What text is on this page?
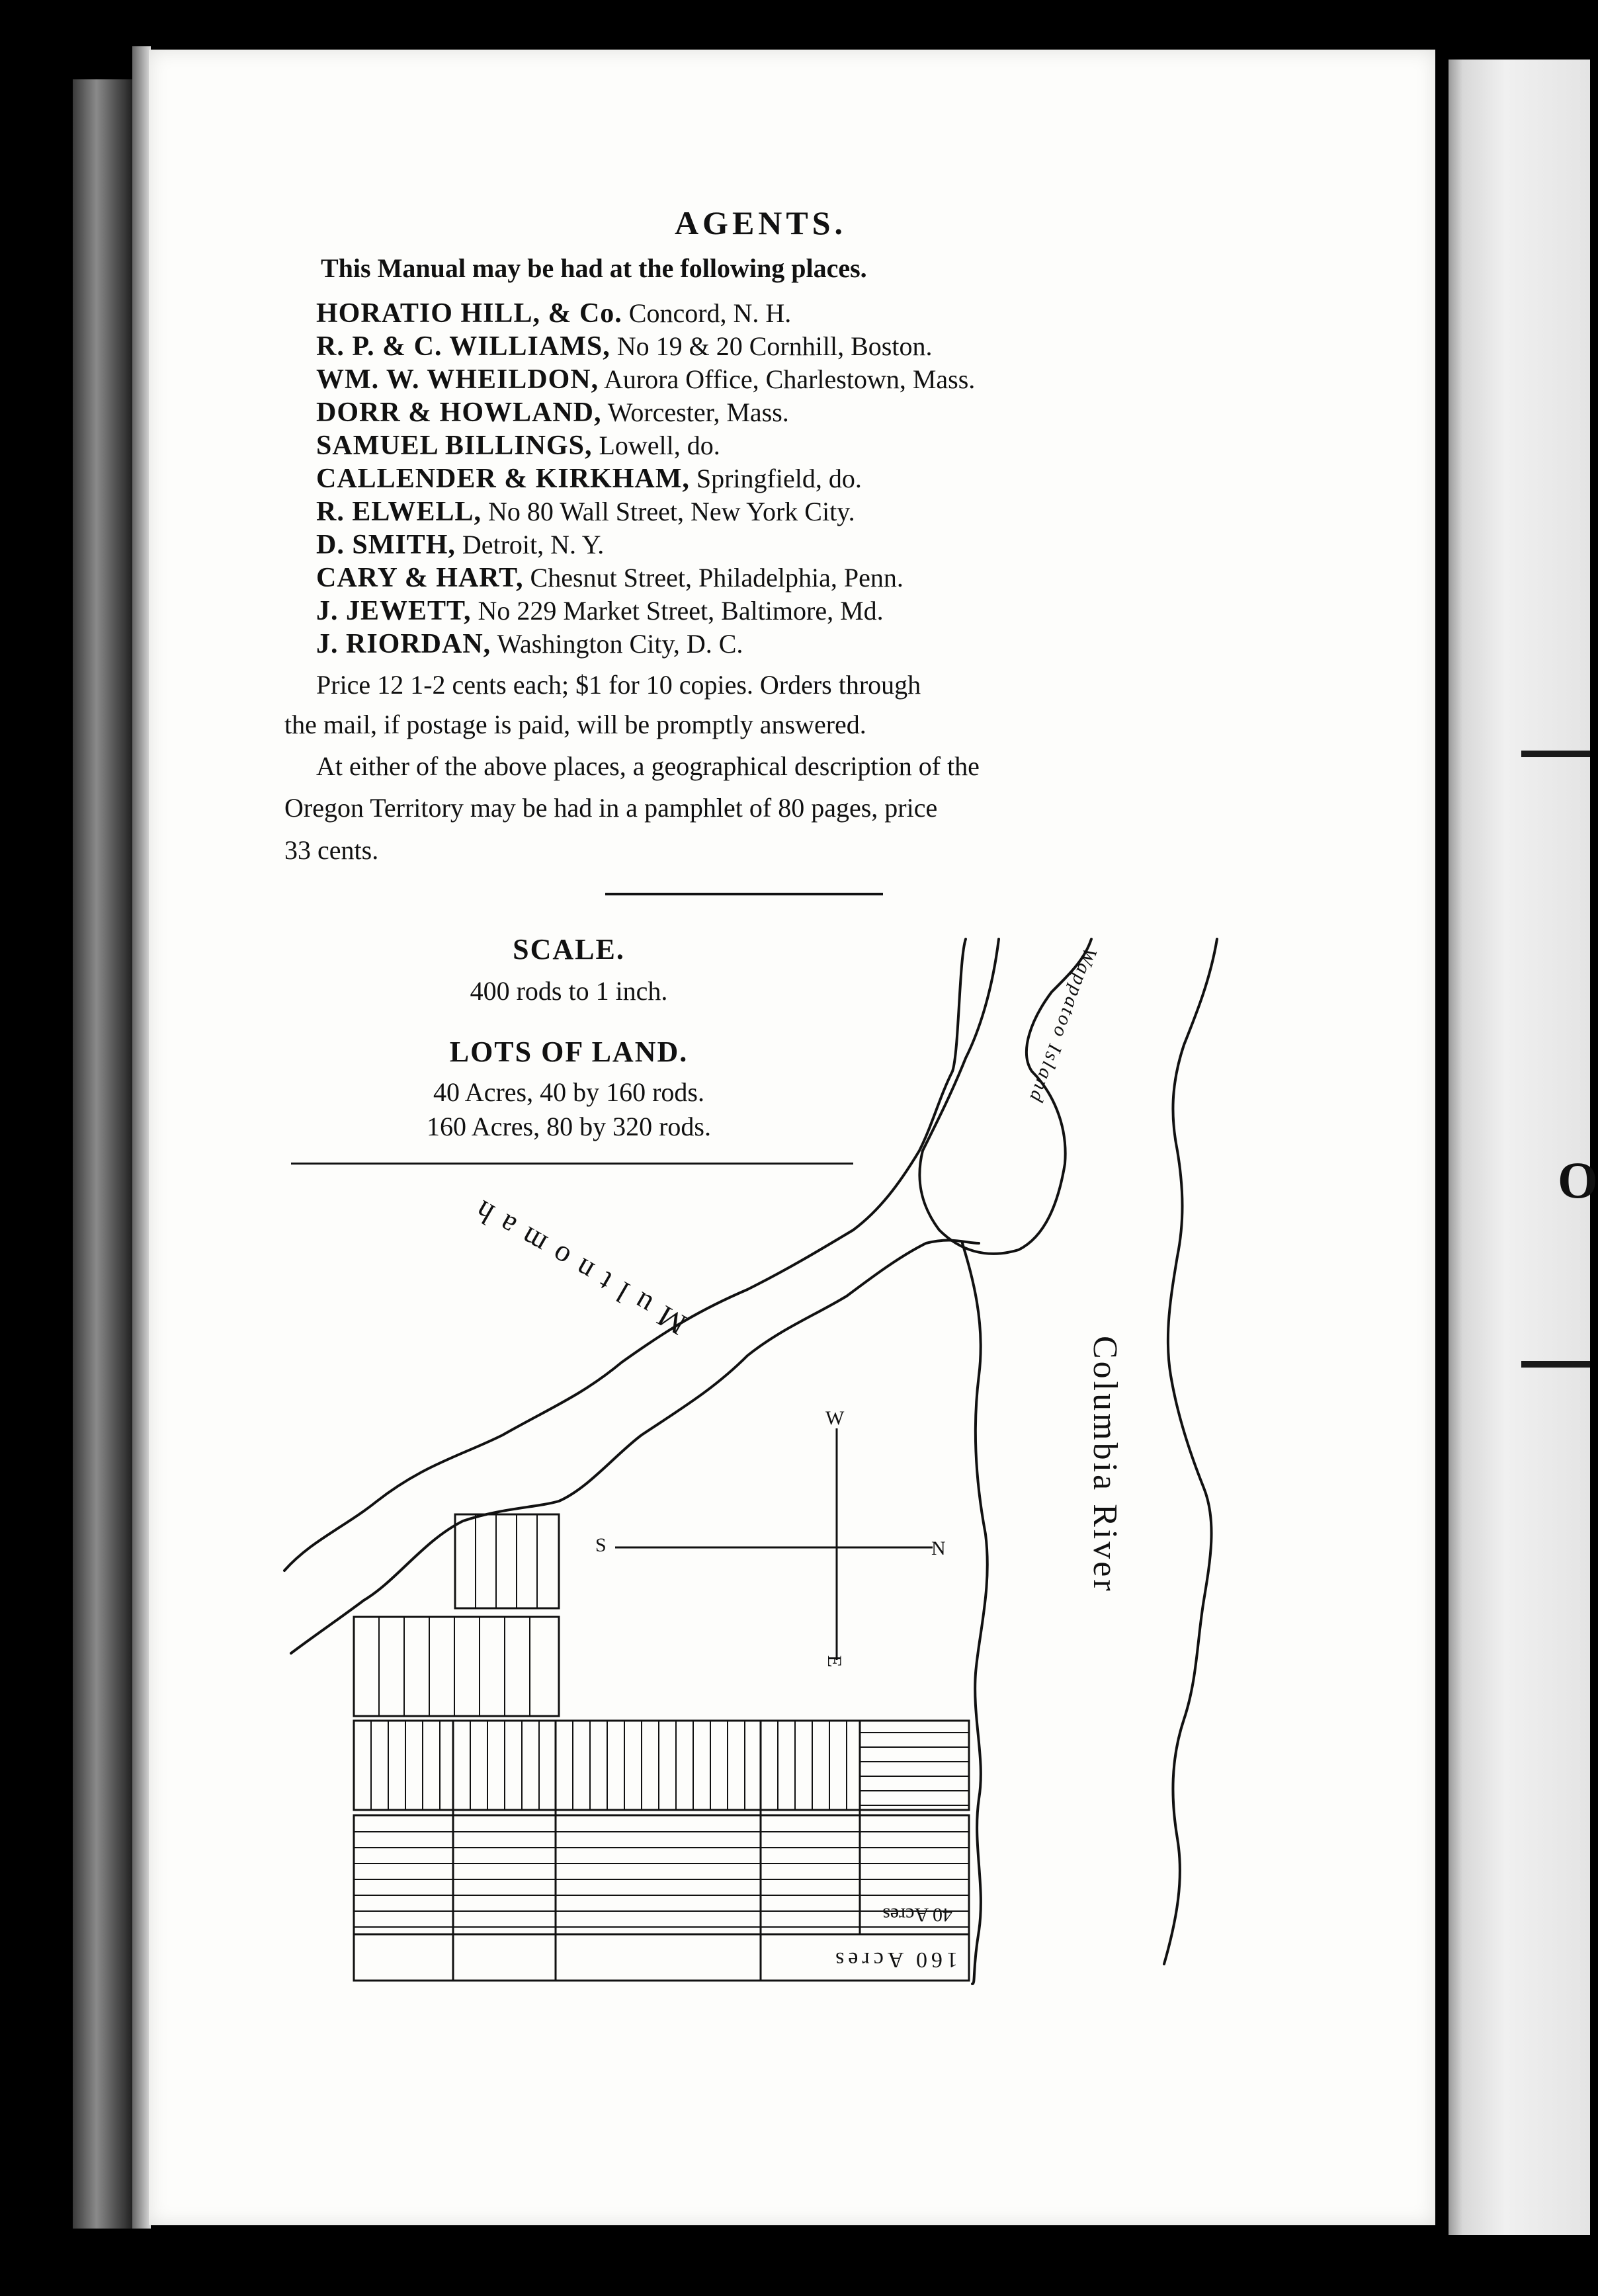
O
AGENTS.
This Manual may be had at the following places.
HORATIO HILL, & Co. Concord, N. H.
R. P. & C. WILLIAMS, No 19 & 20 Cornhill, Boston.
WM. W. WHEILDON, Aurora Office, Charlestown, Mass.
DORR & HOWLAND, Worcester, Mass.
SAMUEL BILLINGS, Lowell, do.
CALLENDER & KIRKHAM, Springfield, do.
R. ELWELL, No 80 Wall Street, New York City.
D. SMITH, Detroit, N. Y.
CARY & HART, Chesnut Street, Philadelphia, Penn.
J. JEWETT, No 229 Market Street, Baltimore, Md.
J. RIORDAN, Washington City, D. C.
Price 12 1-2 cents each; $1 for 10 copies. Orders through
the mail, if postage is paid, will be promptly answered.
At either of the above places, a geographical description of the
Oregon Territory may be had in a pamphlet of 80 pages, price
33 cents.
SCALE.
400 rods to 1 inch.
LOTS OF LAND.
40 Acres, 40 by 160 rods.
160 Acres, 80 by 320 rods.
Multnomah
Columbia River
Wappatoo Island
W
S	N
E
40 Acres
160 Acres
